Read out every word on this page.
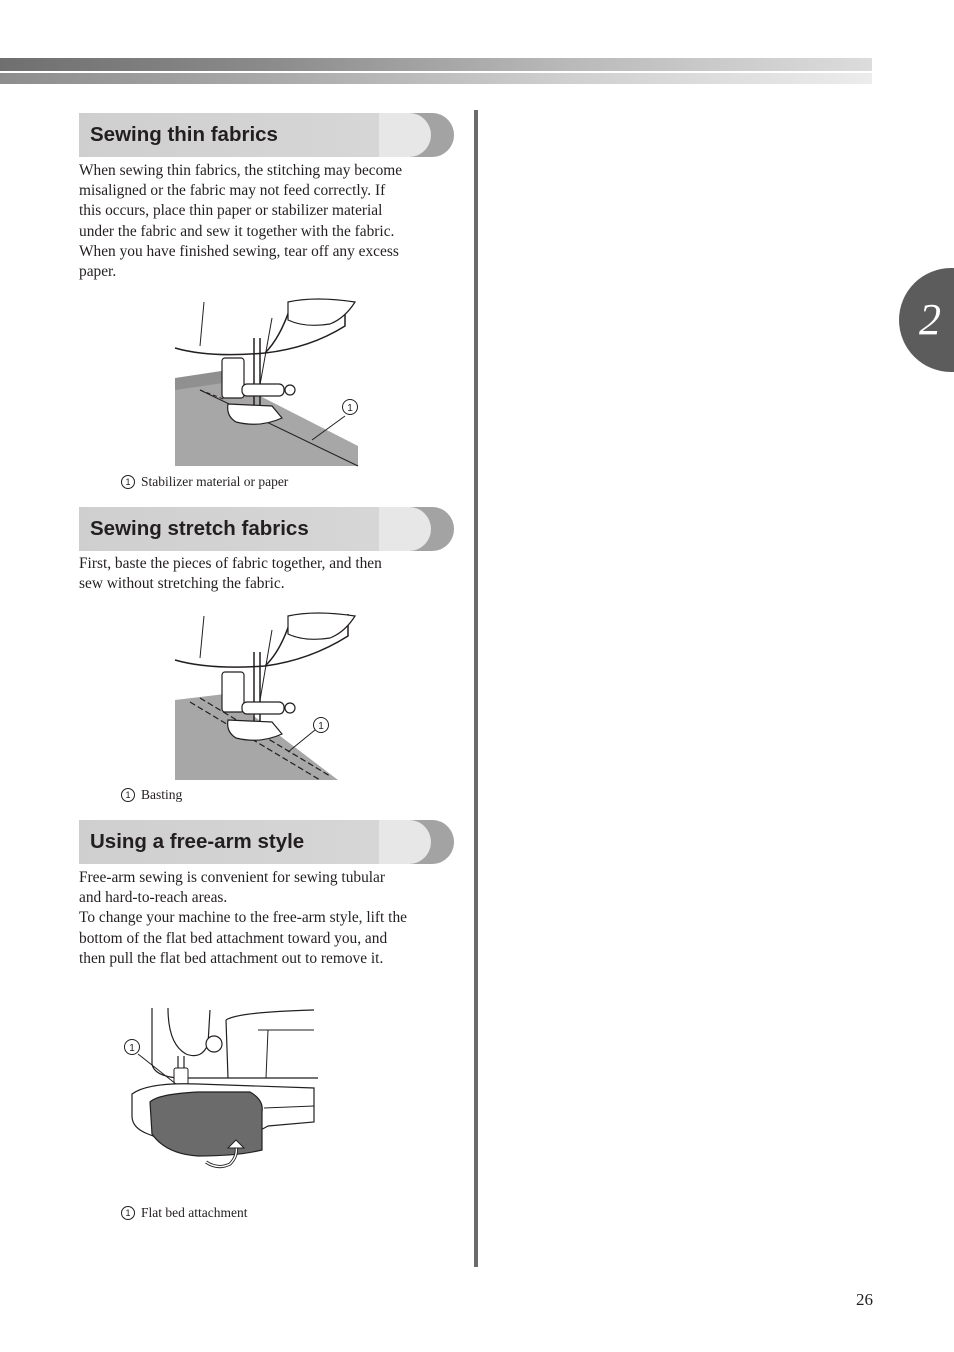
2
Sewing thin fabrics
When sewing thin fabrics, the stitching may become
misaligned or the fabric may not feed correctly. If
this occurs, place thin paper or stabilizer material
under the fabric and sew it together with the fabric.
When you have finished sewing, tear off any excess
paper.
1
1 Stabilizer material or paper
Sewing stretch fabrics
First, baste the pieces of fabric together, and then
sew without stretching the fabric.
1
1 Basting
Using a free-arm style
Free-arm sewing is convenient for sewing tubular
and hard-to-reach areas.
To change your machine to the free-arm style, lift the
bottom of the flat bed attachment toward you, and
then pull the flat bed attachment out to remove it.
1
1 Flat bed attachment
26
